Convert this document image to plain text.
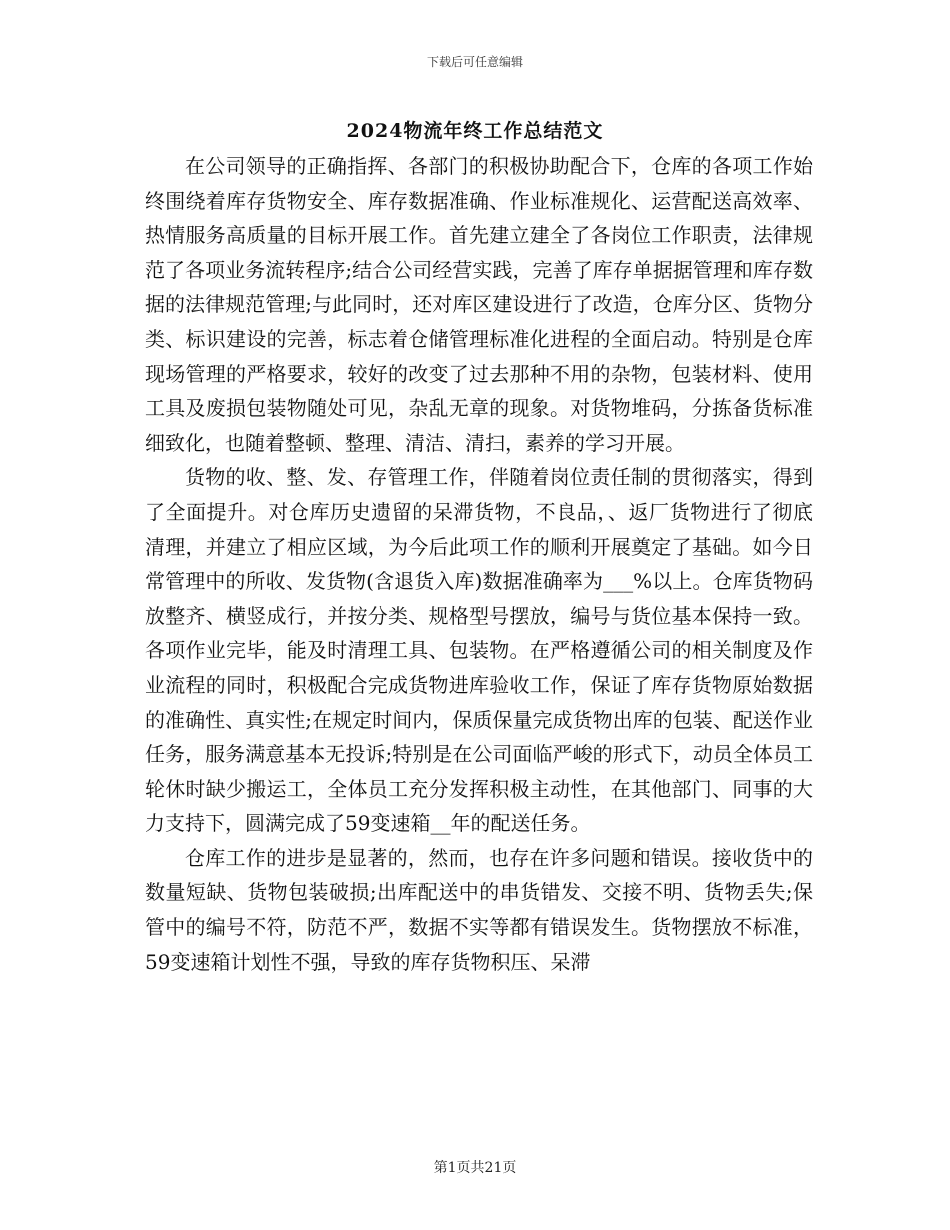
下载后可任意编辑
2024物流年终工作总结范文

在公司领导的正确指挥、各部门的积极协助配合下，仓库的各项工作始终围绕着库存货物安全、库存数据准确、作业标准规化、运营配送高效率、热情服务高质量的目标开展工作。首先建立建全了各岗位工作职责，法律规范了各项业务流转程序;结合公司经营实践，完善了库存单据据管理和库存数据的法律规范管理;与此同时，还对库区建设进行了改造，仓库分区、货物分类、标识建设的完善，标志着仓储管理标准化进程的全面启动。特别是仓库现场管理的严格要求，较好的改变了过去那种不用的杂物，包装材料、使用工具及废损包装物随处可见，杂乱无章的现象。对货物堆码，分拣备货标准细致化，也随着整顿、整理、清洁、清扫，素养的学习开展。

货物的收、整、发、存管理工作，伴随着岗位责任制的贯彻落实，得到了全面提升。对仓库历史遗留的呆滞货物，不良品，、返厂货物进行了彻底清理，并建立了相应区域，为今后此项工作的顺利开展奠定了基础。如今日常管理中的所收、发货物(含退货入库)数据准确率为___%以上。仓库货物码放整齐、横竖成行，并按分类、规格型号摆放，编号与货位基本保持一致。各项作业完毕，能及时清理工具、包装物。在严格遵循公司的相关制度及作业流程的同时，积极配合完成货物进库验收工作，保证了库存货物原始数据的准确性、真实性;在规定时间内，保质保量完成货物出库的包装、配送作业任务，服务满意基本无投诉;特别是在公司面临严峻的形式下，动员全体员工轮休时缺少搬运工，全体员工充分发挥积极主动性，在其他部门、同事的大力支持下，圆满完成了59变速箱__年的配送任务。

仓库工作的进步是显著的，然而，也存在许多问题和错误。接收货中的数量短缺、货物包装破损;出库配送中的串货错发、交接不明、货物丢失;保管中的编号不符，防范不严，数据不实等都有错误发生。货物摆放不标准，59变速箱计划性不强，导致的库存货物积压、呆滞

第1页共21页
